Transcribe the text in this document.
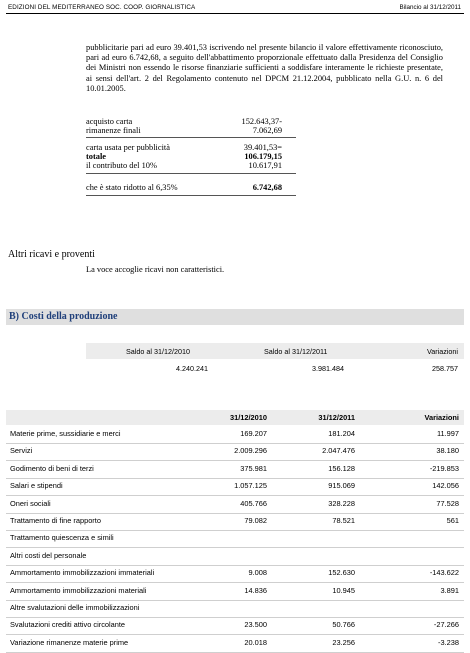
EDIZIONI DEL MEDITERRANEO SOC. COOP. GIORNALISTICA	Bilancio al 31/12/2011
pubblicitarie pari ad euro 39.401,53 iscrivendo nel presente bilancio il valore effettivamente riconosciuto, pari ad euro 6.742,68, a seguito dell'abbattimento proporzionale effettuato dalla Presidenza del Consiglio dei Ministri non essendo le risorse finanziarie sufficienti a soddisfare interamente le richieste presentate, ai sensi dell'art. 2 del Regolamento contenuto nel DPCM 21.12.2004, pubblicato nella G.U. n. 6 del 10.01.2005.
acquisto carta	152.643,37-
rimanenze finali	7.062,69
carta usata per pubblicità	39.401,53=
totale	106.179,15
il contributo del 10%	10.617,91
che è stato ridotto al 6,35%	6.742,68
Altri ricavi e proventi
La voce accoglie ricavi non caratteristici.
B) Costi della produzione
Saldo al 31/12/2010	Saldo al 31/12/2011	Variazioni
4.240.241	3.981.484	258.757
31/12/2010	31/12/2011	Variazioni
Materie prime, sussidiarie e merci	169.207	181.204	11.997
Servizi	2.009.296	2.047.476	38.180
Godimento di beni di terzi	375.981	156.128	-219.853
Salari e stipendi	1.057.125	915.069	142.056
Oneri sociali	405.766	328.228	77.528
Trattamento di fine rapporto	79.082	78.521	561
Trattamento quiescenza e simili
Altri costi del personale
Ammortamento immobilizzazioni immateriali	9.008	152.630	-143.622
Ammortamento immobilizzazioni materiali	14.836	10.945	3.891
Altre svalutazioni delle immobilizzazioni
Svalutazioni crediti attivo circolante	23.500	50.766	-27.266
Variazione rimanenze materie prime	20.018	23.256	-3.238
